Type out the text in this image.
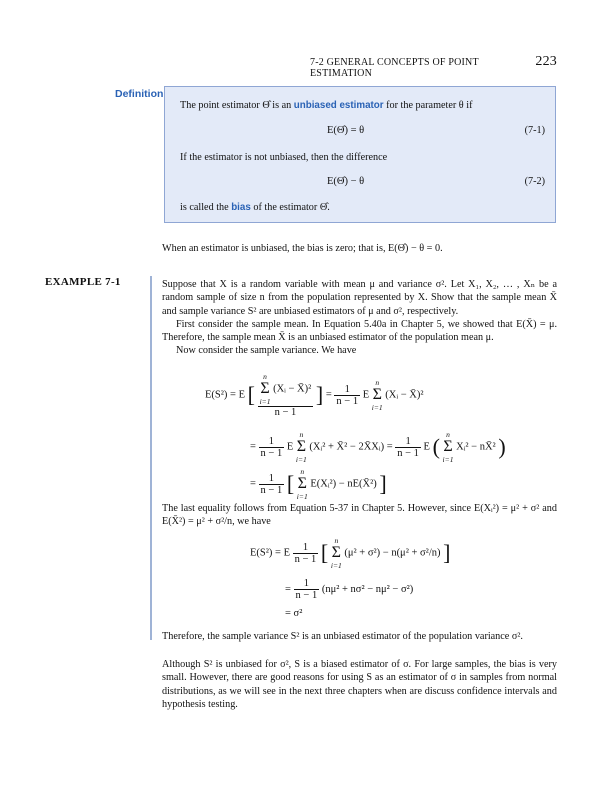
7-2 GENERAL CONCEPTS OF POINT ESTIMATION
223
Definition
The point estimator Θ̂ is an unbiased estimator for the parameter θ if
E(Θ̂) = θ	(7-1)
If the estimator is not unbiased, then the difference
E(Θ̂) − θ	(7-2)
is called the bias of the estimator Θ̂.
When an estimator is unbiased, the bias is zero; that is, E(Θ̂) − θ = 0.
EXAMPLE 7-1	Suppose that X is a random variable with mean μ and variance σ². Let X₁, X₂, … , Xₙ be a random sample of size n from the population represented by X. Show that the sample mean X̄ and sample variance S² are unbiased estimators of μ and σ², respectively.
First consider the sample mean. In Equation 5.40a in Chapter 5, we showed that E(X̄) = μ. Therefore, the sample mean X̄ is an unbiased estimator of the population mean μ.
Now consider the sample variance. We have
E(S²) = E [ n
Σ
i=1
(Xᵢ − X̄)²
n − 1 ] = $\frac{1}{n - 1}$ E
n
Σ
i=1
(Xᵢ − X̄)²
= $\frac{1}{n - 1}$ E
n
Σ
i=1
(Xᵢ² + X̄² − 2X̄Xᵢ) = $\frac{1}{n - 1}$ E ( n
Σ
i=1
Xᵢ² − nX̄² )
= $\frac{1}{n - 1}$ [ n
Σ
i=1
E(Xᵢ²) − nE(X̄²) ]
The last equality follows from Equation 5-37 in Chapter 5. However, since E(Xᵢ²) = μ² + σ² and E(X̄²) = μ² + σ²/n, we have
E(S²) = E $\frac{1}{n - 1}$ [ n
Σ
i=1
(μ² + σ²) − n(μ² + σ²/n) ]
= $\frac{1}{n - 1} (n\mu^2 + n\sigma^2 - n\mu^2 - \sigma^2)$
= σ²
Therefore, the sample variance S² is an unbiased estimator of the population variance σ².
Although S² is unbiased for σ², S is a biased estimator of σ. For large samples, the bias is very small. However, there are good reasons for using S as an estimator of σ in samples from normal distributions, as we will see in the next three chapters when are discuss confidence intervals and hypothesis testing.
